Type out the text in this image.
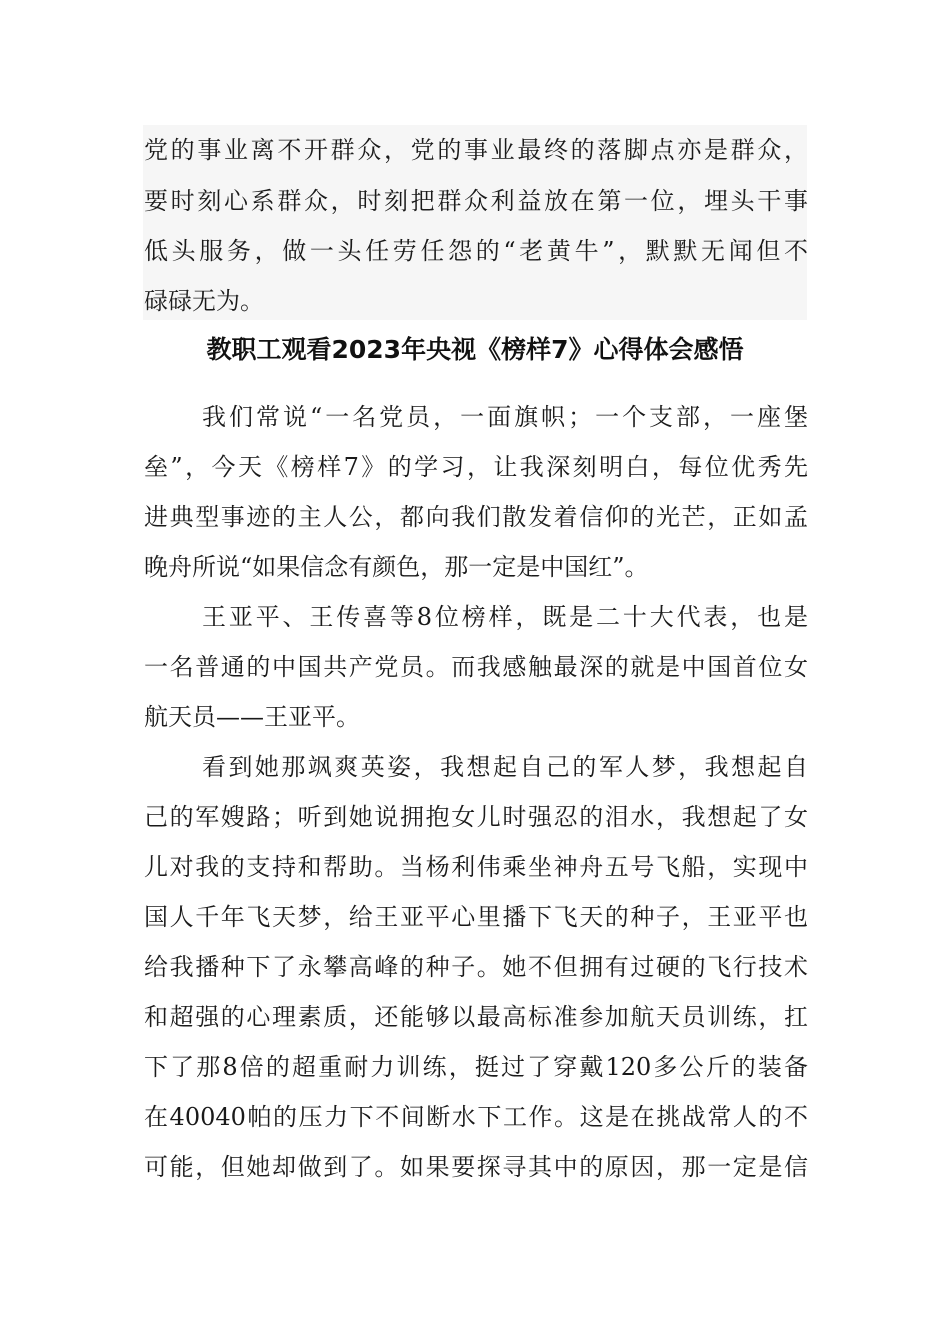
党的事业离不开群众，党的事业最终的落脚点亦是群众，
要时刻心系群众，时刻把群众利益放在第一位，埋头干事
低头服务，做一头任劳任怨的“老黄牛”，默默无闻但不
碌碌无为。
教职工观看2023年央视《榜样7》心得体会感悟
我们常说“一名党员，一面旗帜；一个支部，一座堡
垒”，今天《榜样7》的学习，让我深刻明白，每位优秀先
进典型事迹的主人公，都向我们散发着信仰的光芒，正如孟
晚舟所说“如果信念有颜色，那一定是中国红”。
王亚平、王传喜等8位榜样，既是二十大代表，也是
一名普通的中国共产党员。而我感触最深的就是中国首位女
航天员——王亚平。
看到她那飒爽英姿，我想起自己的军人梦，我想起自
己的军嫂路；听到她说拥抱女儿时强忍的泪水，我想起了女
儿对我的支持和帮助。当杨利伟乘坐神舟五号飞船，实现中
国人千年飞天梦，给王亚平心里播下飞天的种子，王亚平也
给我播种下了永攀高峰的种子。她不但拥有过硬的飞行技术
和超强的心理素质，还能够以最高标准参加航天员训练，扛
下了那8倍的超重耐力训练，挺过了穿戴120多公斤的装备
在40040帕的压力下不间断水下工作。这是在挑战常人的不
可能，但她却做到了。如果要探寻其中的原因，那一定是信
